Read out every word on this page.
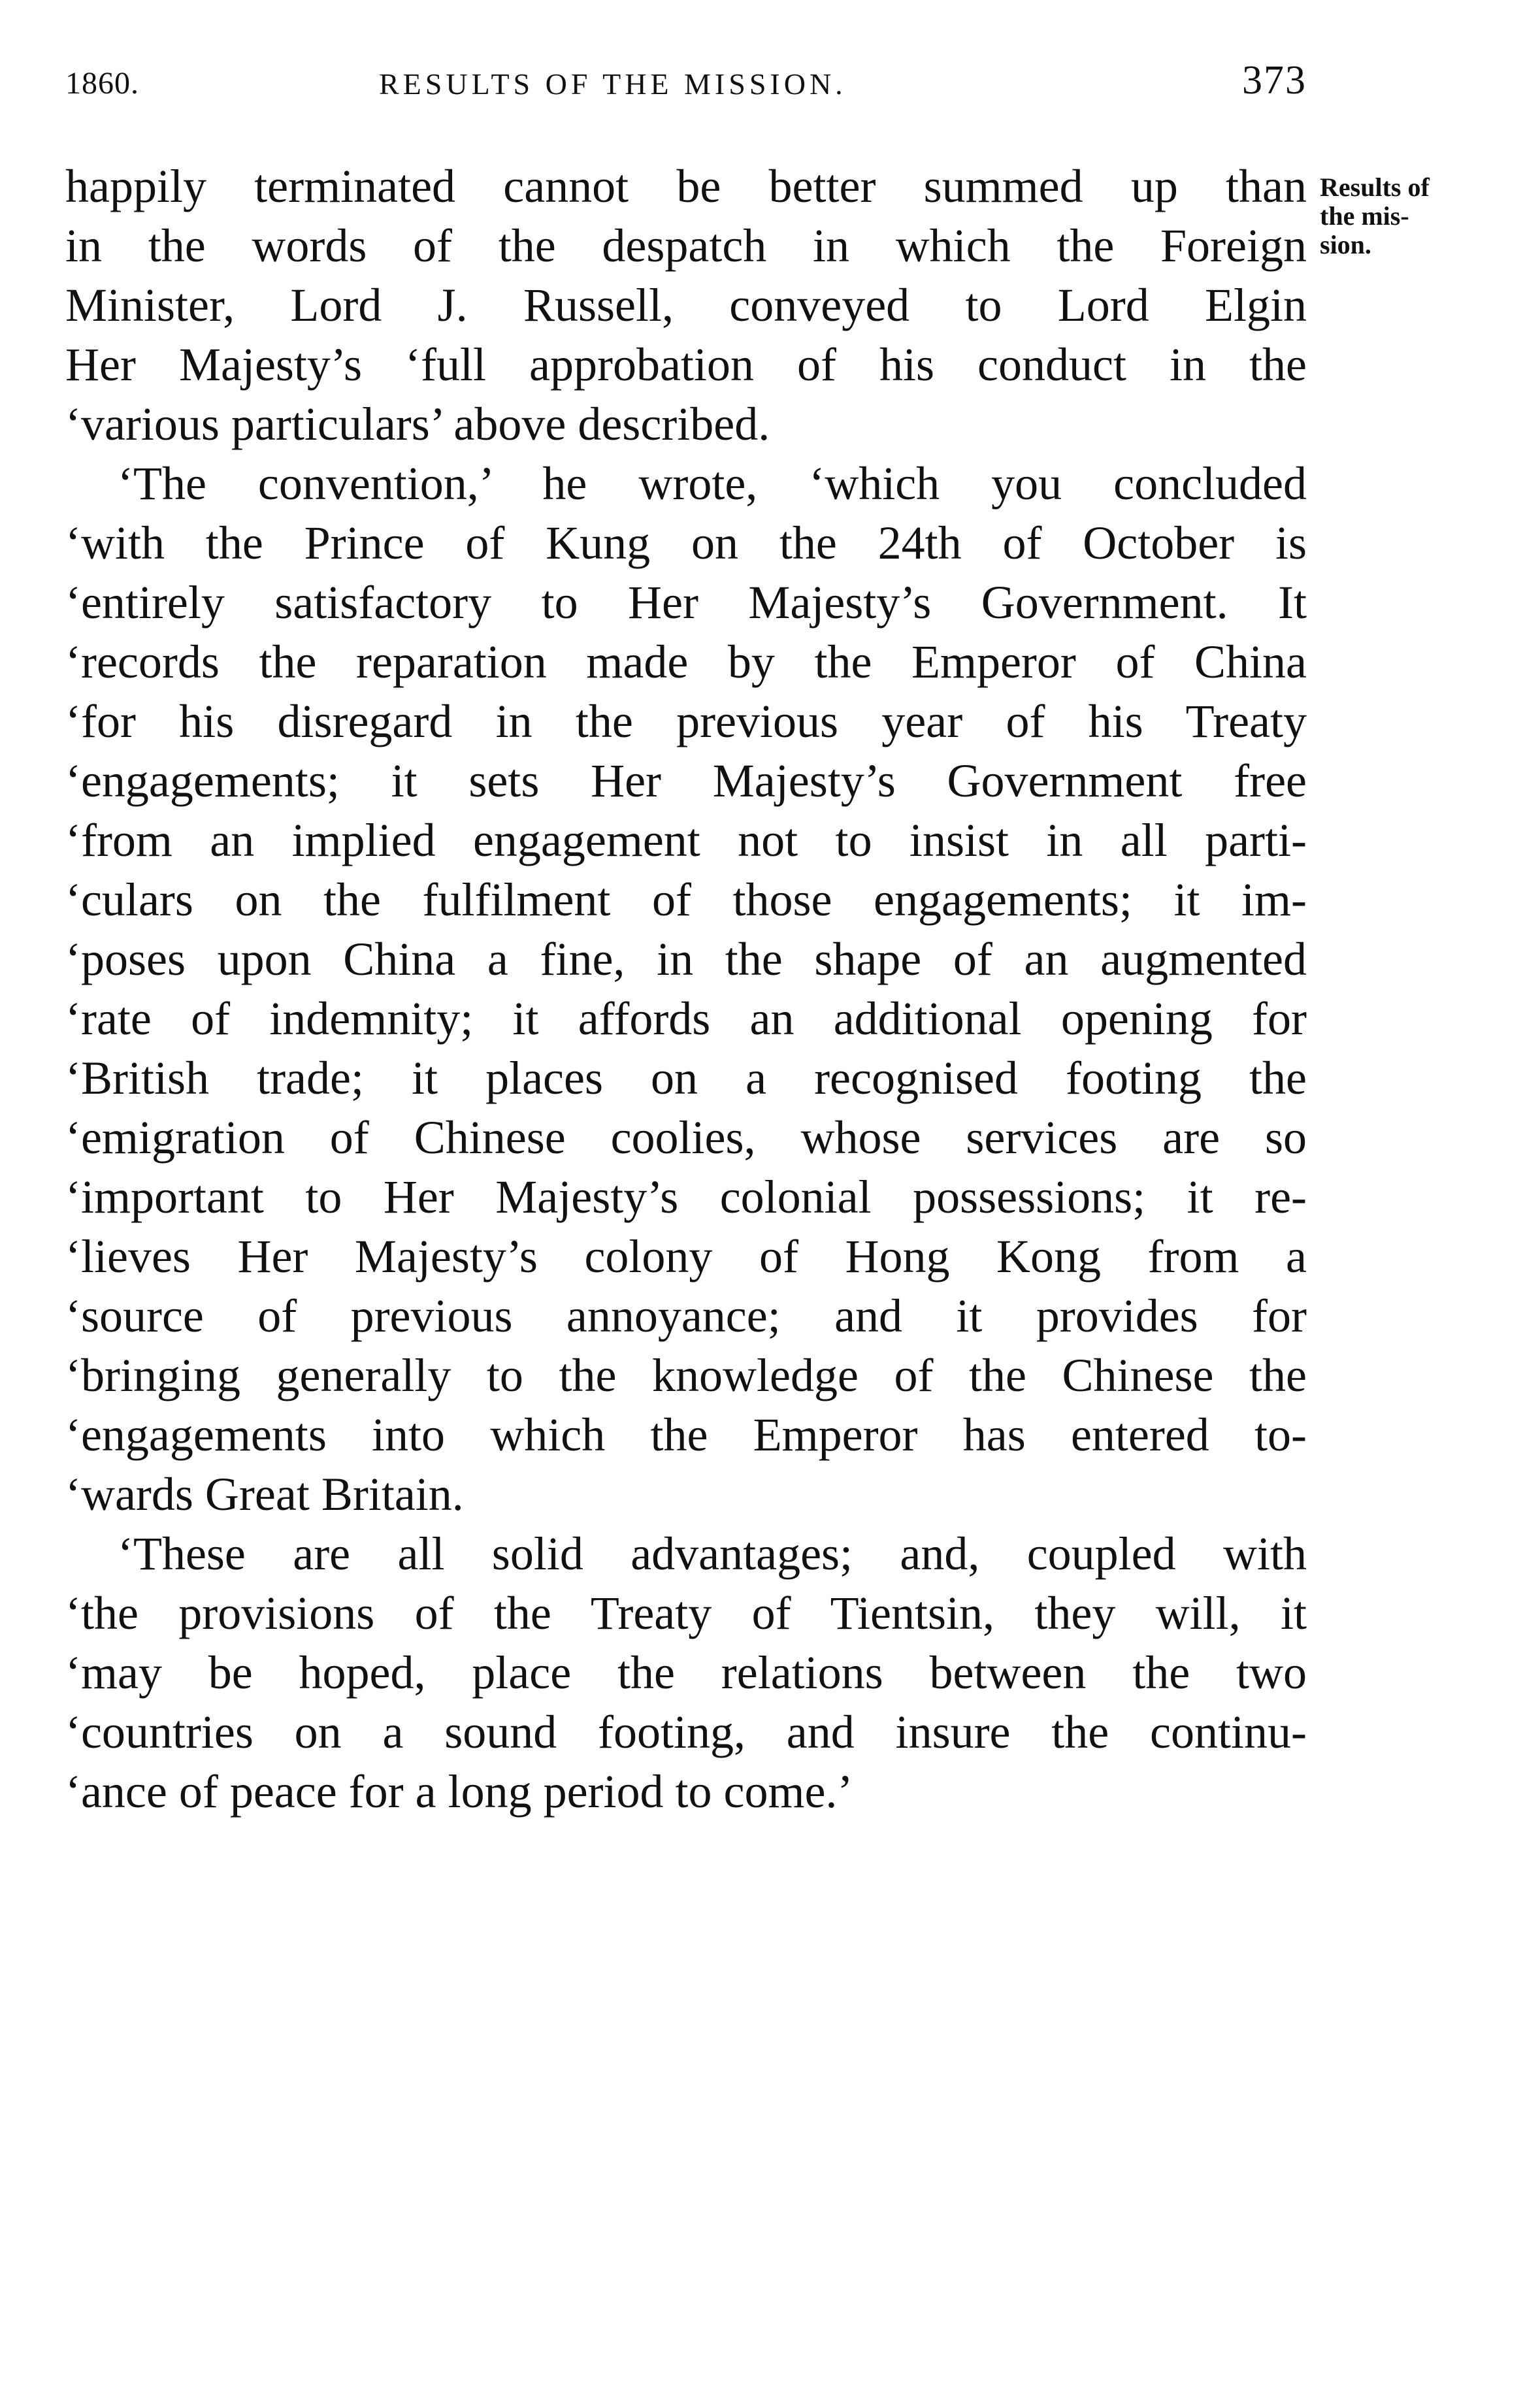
1860.	RESULTS OF THE MISSION.	373
Results of
the mis-
sion.
happily terminated cannot be better summed up than
in the words of the despatch in which the Foreign
Minister, Lord J. Russell, conveyed to Lord Elgin
Her Majesty’s ‘full approbation of his conduct in the
‘various particulars’ above described.
‘The convention,’ he wrote, ‘which you concluded
‘with the Prince of Kung on the 24th of October is
‘entirely satisfactory to Her Majesty’s Government. It
‘records the reparation made by the Emperor of China
‘for his disregard in the previous year of his Treaty
‘engagements; it sets Her Majesty’s Government free
‘from an implied engagement not to insist in all parti-
‘culars on the fulfilment of those engagements; it im-
‘poses upon China a fine, in the shape of an augmented
‘rate of indemnity; it affords an additional opening for
‘British trade; it places on a recognised footing the
‘emigration of Chinese coolies, whose services are so
‘important to Her Majesty’s colonial possessions; it re-
‘lieves Her Majesty’s colony of Hong Kong from a
‘source of previous annoyance; and it provides for
‘bringing generally to the knowledge of the Chinese the
‘engagements into which the Emperor has entered to-
‘wards Great Britain.
‘These are all solid advantages; and, coupled with
‘the provisions of the Treaty of Tientsin, they will, it
‘may be hoped, place the relations between the two
‘countries on a sound footing, and insure the continu-
‘ance of peace for a long period to come.’
